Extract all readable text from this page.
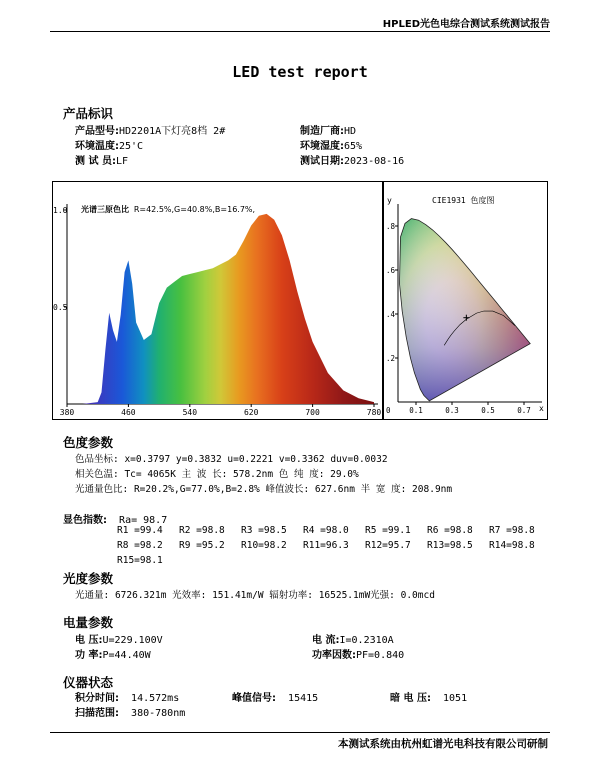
HPLED光色电综合测试系统测试报告
LED test report
产品标识
产品型号:HD2201A下灯亮8档 2#	制造厂商:HD
环境温度:25'C	环境湿度:65%
测 试 员:LF	测试日期:2023-08-16
380	460	540	620	700	780
1.0
0.5
光谱三原色比 R=42.5%,G=40.8%,B=16.7%,
0.1	0.3	0.5	0.7
0
.8
.6
.4
.2
y
x
CIE1931 色度图
色度参数
色品坐标: x=0.3797 y=0.3832 u=0.2221 v=0.3362 duv=0.0032
相关色温: Tc= 4065K 主 波 长: 578.2nm 色 纯 度: 29.0%
光通量色比: R=20.2%,G=77.0%,B=2.8% 峰值波长: 627.6nm 半 宽 度: 208.9nm
显色指数: Ra= 98.7
R1 =99.4 R2 =98.8 R3 =98.5 R4 =98.0 R5 =99.1 R6 =98.8 R7 =98.8
R8 =98.2 R9 =95.2 R10=98.2 R11=96.3 R12=95.7 R13=98.5 R14=98.8
R15=98.1
光度参数
光通量: 6726.321m 光效率: 151.41m/W 辐射功率: 16525.1mW光强: 0.0mcd
电量参数
电 压:U=229.100V	电 流:I=0.2310A
功 率:P=44.40W	功率因数:PF=0.840
仪器状态
积分时间: 14.572ms	峰值信号: 15415	暗 电 压: 1051
扫描范围: 380-780nm
本测试系统由杭州虹谱光电科技有限公司研制
